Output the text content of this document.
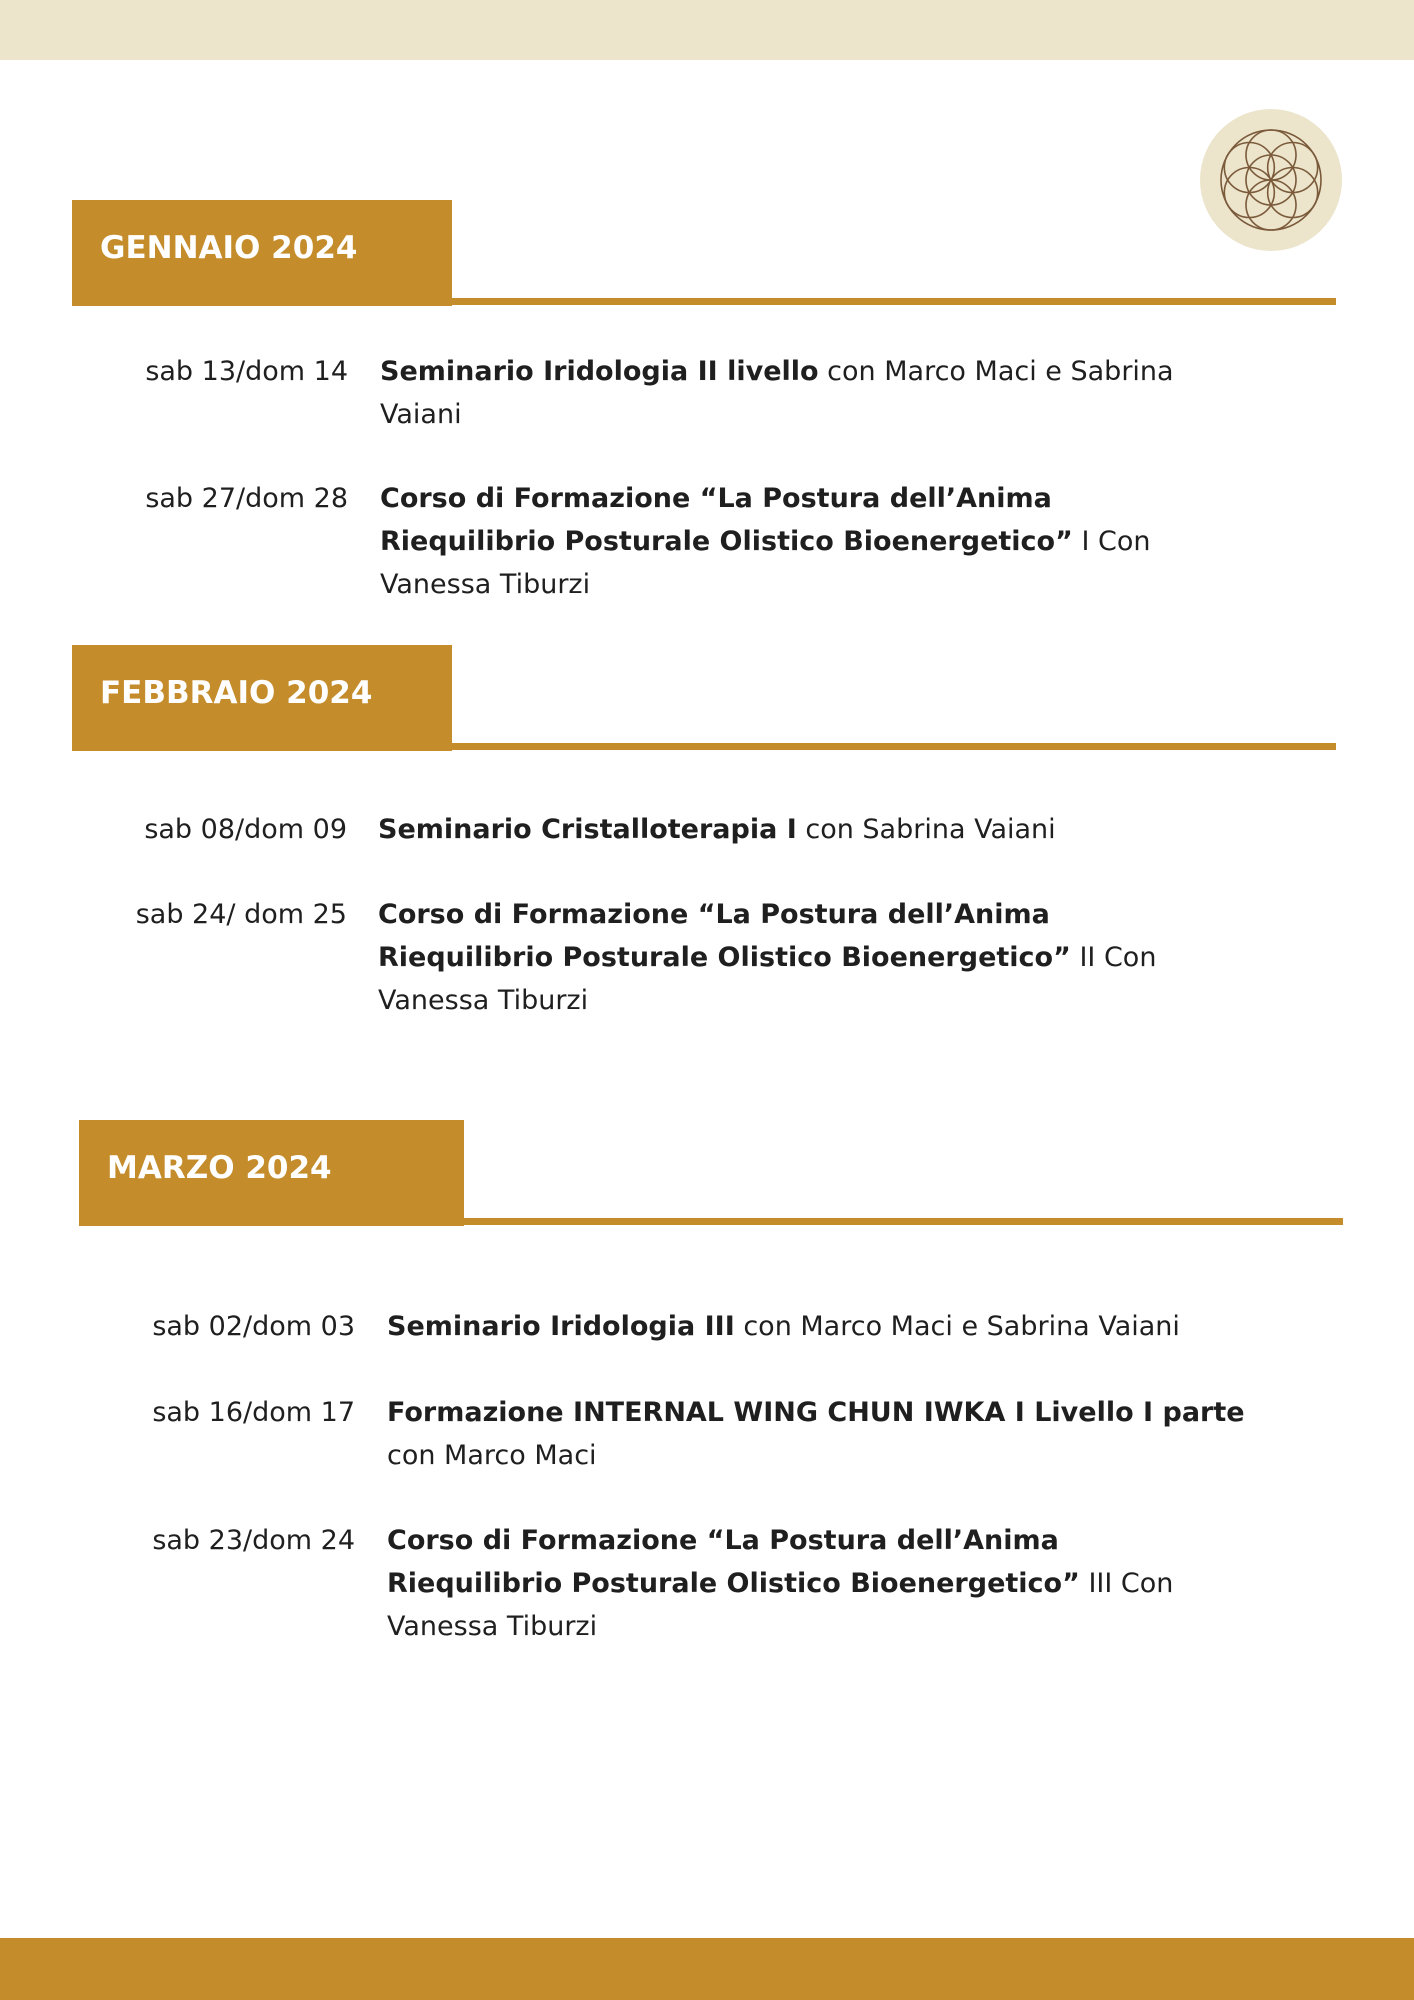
GENNAIO 2024
sab 13/dom 14 Seminario Iridologia II livello con Marco Maci e Sabrina Vaiani
sab 27/dom 28 Corso di Formazione “La Postura dell’Anima Riequilibrio Posturale Olistico Bioenergetico” I Con Vanessa Tiburzi
FEBBRAIO 2024
sab 08/dom 09 Seminario Cristalloterapia I con Sabrina Vaiani
sab 24/ dom 25 Corso di Formazione “La Postura dell’Anima Riequilibrio Posturale Olistico Bioenergetico” II Con Vanessa Tiburzi
MARZO 2024
sab 02/dom 03 Seminario Iridologia III con Marco Maci e Sabrina Vaiani
sab 16/dom 17 Formazione INTERNAL WING CHUN IWKA I Livello I parte con Marco Maci
sab 23/dom 24 Corso di Formazione “La Postura dell’Anima Riequilibrio Posturale Olistico Bioenergetico” III Con Vanessa Tiburzi
